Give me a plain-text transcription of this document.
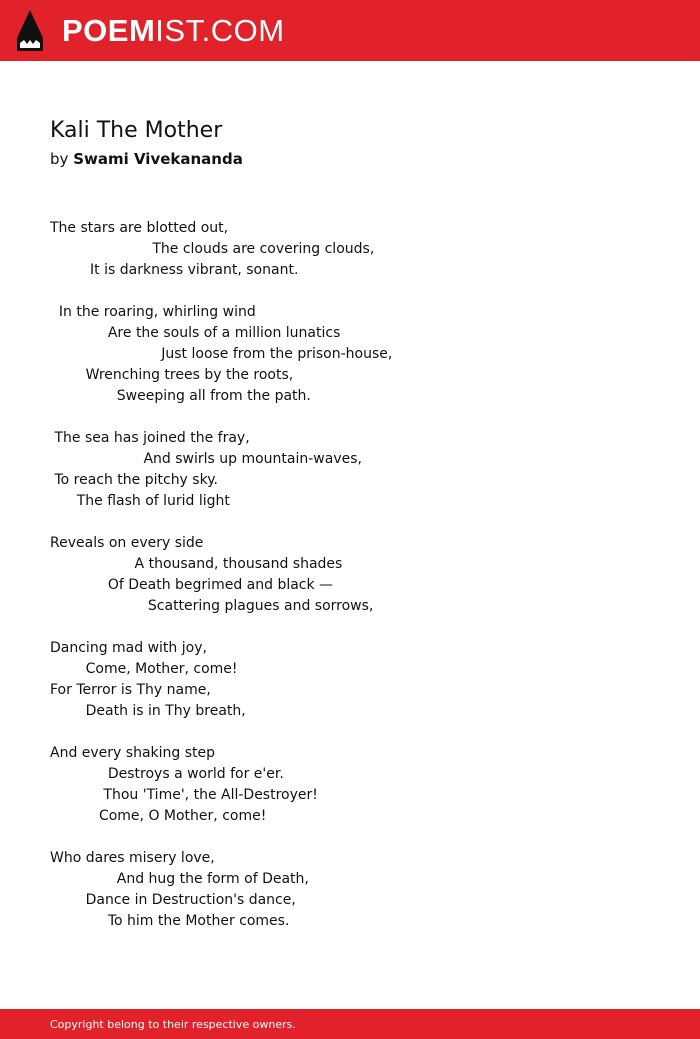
POEMIST.COM
Kali The Mother
by Swami Vivekananda
The stars are blotted out,
The clouds are covering clouds,
It is darkness vibrant, sonant.
In the roaring, whirling wind
Are the souls of a million lunatics
Just loose from the prison-house,
Wrenching trees by the roots,
Sweeping all from the path.
The sea has joined the fray,
And swirls up mountain-waves,
To reach the pitchy sky.
The flash of lurid light
Reveals on every side
A thousand, thousand shades
Of Death begrimed and black —
Scattering plagues and sorrows,
Dancing mad with joy,
Come, Mother, come!
For Terror is Thy name,
Death is in Thy breath,
And every shaking step
Destroys a world for e'er.
Thou 'Time', the All-Destroyer!
Come, O Mother, come!
Who dares misery love,
And hug the form of Death,
Dance in Destruction's dance,
To him the Mother comes.
Copyright belong to their respective owners.
